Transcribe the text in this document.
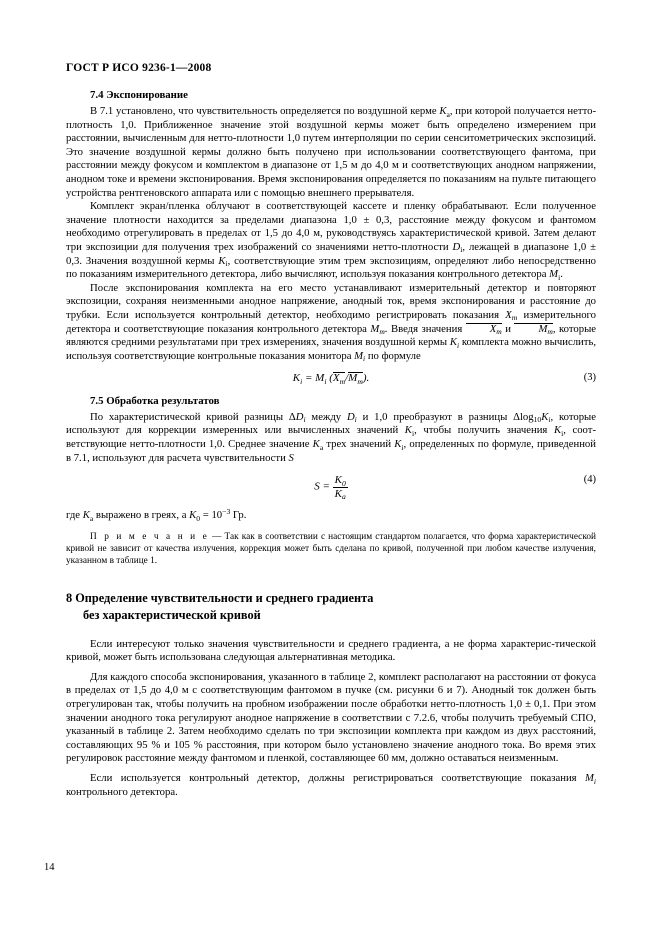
ГОСТ Р ИСО 9236-1—2008
7.4 Экспонирование

В 7.1 установлено, что чувствительность определяется по воздушной керме $K_а$, при которой получается нетто-плотность 1,0. Приближенное значение этой воздушной кермы может быть определено измерением при расстоянии, вычисленным для нетто-плотности 1,0 путем интерполяции по серии сенситометрических экспозиций. Это значение воздушной кермы должно быть получено при использовании соответствующего фантома, при расстоянии между фокусом и комплектом в диапазоне от 1,5 м до 4,0 м и соответствующих анодном напряжении, анодном токе и времени экспонирования. Время экспонирования определяется по показаниям на пульте питающего устройства рентгеновского аппарата или с помощью внешнего прерывателя.

Комплект экран/пленка облучают в соответствующей кассете и пленку обрабатывают. Если полученное значение плотности находится за пределами диапазона 1,0 ± 0,3, расстояние между фокусом и фантомом необходимо отрегулировать в пределах от 1,5 до 4,0 м, руководствуясь характеристической кривой. Затем делают три экспозиции для получения трех изображений со значениями нетто-плотности $D_i$, лежащей в диапазоне 1,0 ± 0,3. Значения воздушной кермы $K_i$, соответствующие этим трем экспозициям, определяют либо непосредственно по показаниям измерительного детектора, либо вычисляют, используя показания контрольного детектора $M_i$.

После экспонирования комплекта на его место устанавливают измерительный детектор и повторяют экспозиции, сохраняя неизменными анодное напряжение, анодный ток, время экспонирования и расстояние до трубки. Если используется контрольный детектор, необходимо регистрировать показания $X_m$ измерительного детектора и соответствующие показания контрольного детектора $M_m$. Введя значения $X_m$ и $M_m$, которые являются средними результатами при трех измерениях, значения воздушной кермы $K_i$ комплекта можно вычислить, используя соответствующие контрольные показания монитора $M_i$ по формуле

$K_i = M_i$ $(X_m/M_m)$.	(3)
7.5 Обработка результатов

По характеристической кривой разницы $\Delta D_i$ между $D_i$ и 1,0 преобразуют в разницы $\Delta\log_{10}K_i$, которые используют для коррекции измеренных или вычисленных значений $K_i$, чтобы получить значения $K_i$, соответствующие нетто-плотности 1,0. Среднее значение $K_а$ трех значений $K_i$, определенных по формуле, приведенной в 7.1, используют для расчета чувствительности S

$S = \frac{K_0}{K_а}$	(4)

где $K_а$ выражено в греях, а $K_0 = 10^{-3}$ Гр.

П р и м е ч а н и е — Так как в соответствии с настоящим стандартом полагается, что форма характеристической кривой не зависит от качества излучения, коррекция может быть сделана по кривой, полученной при любом качестве излучения, указанном в таблице 1.

8 Определение чувствительности и среднего градиента
без характеристической кривой

Если интересуют только значения чувствительности и среднего градиента, а не форма характерис-тической кривой, может быть использована следующая альтернативная методика.

Для каждого способа экспонирования, указанного в таблице 2, комплект располагают на расстоянии от фокуса в пределах от 1,5 до 4,0 м с соответствующим фантомом в пучке (см. рисунки 6 и 7). Анодный ток должен быть отрегулирован так, чтобы получить на пробном изображении после обработки нетто-плотность 1,0 ± 0,1. При этом значении анодного тока регулируют анодное напряжение в соответствии с 7.2.6, чтобы получить требуемый СПО, указанный в таблице 2. Затем необходимо сделать по три экспозиции комплекта при каждом из двух расстояний, составляющих 95 % и 105 % расстояния, при котором было установлено значение анодного тока. Во время этих регулировок расстояние между фантомом и пленкой, составляющее 60 мм, должно оставаться неизменным.

Если используется контрольный детектор, должны регистрироваться соответствующие показания $M_i$ контрольного детектора.

14
